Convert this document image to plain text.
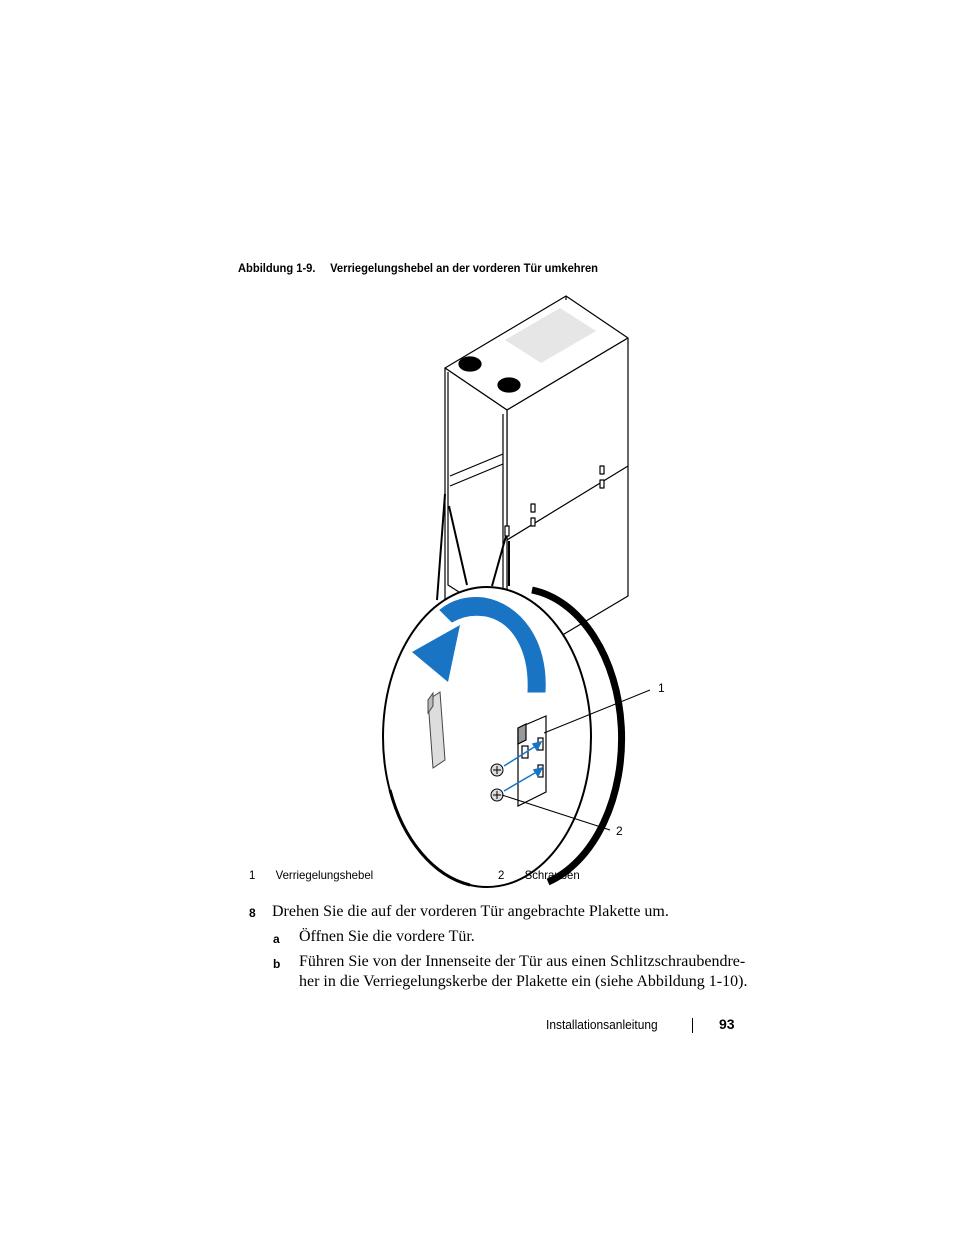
Abbildung 1-9. Verriegelungshebel an der vorderen Tür umkehren
1
2
1 Verriegelungshebel	2 Schrauben
8 Drehen Sie die auf der vorderen Tür angebrachte Plakette um.
a Öffnen Sie die vordere Tür.
b Führen Sie von der Innenseite der Tür aus einen Schlitzschraubendre-
her in die Verriegelungskerbe der Plakette ein (siehe Abbildung 1-10).
Installationsanleitung	93
